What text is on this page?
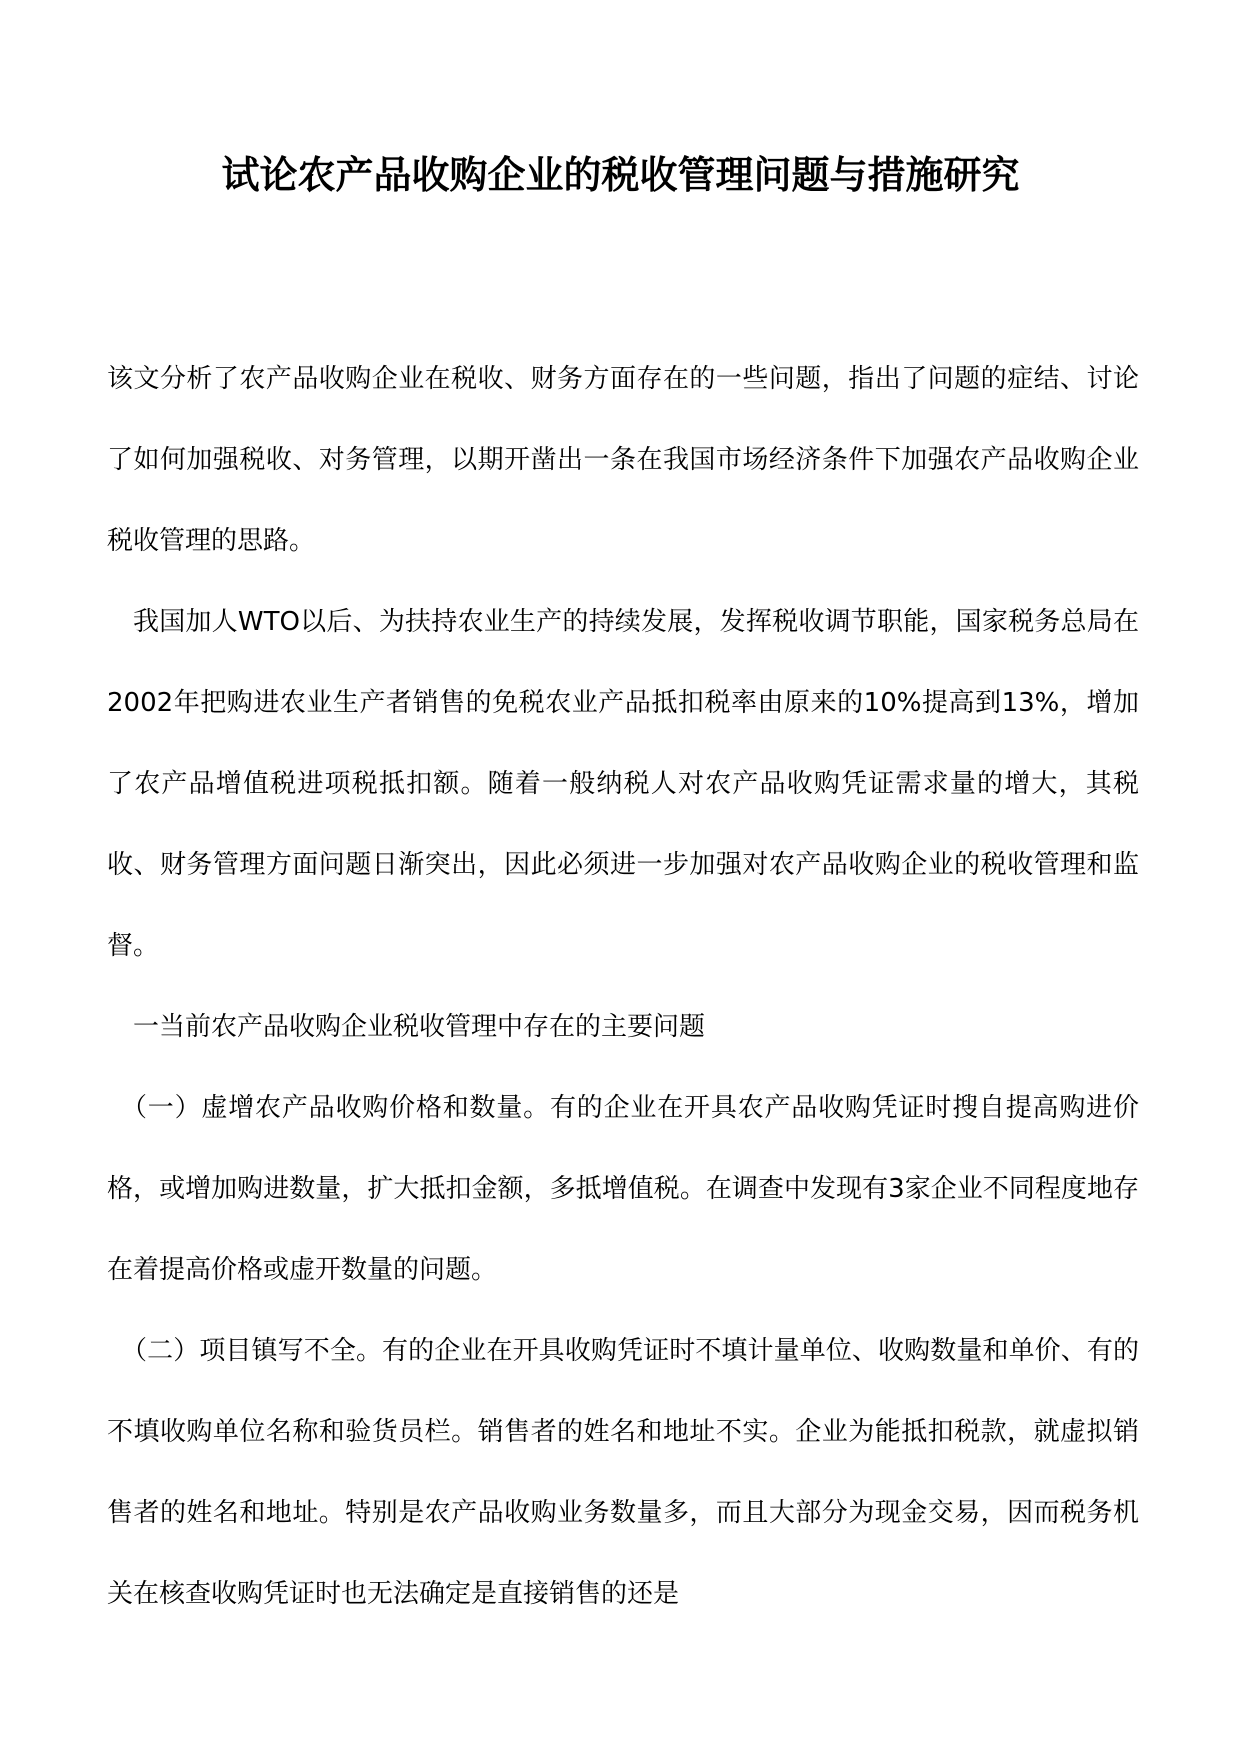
试论农产品收购企业的税收管理问题与措施研究

该文分析了农产品收购企业在税收、财务方面存在的一些问题，指出了问题的症结、讨论了如何加强税收、对务管理，以期开凿出一条在我国市场经济条件下加强农产品收购企业税收管理的思路。

我国加人WTO以后、为扶持农业生产的持续发展，发挥税收调节职能，国家税务总局在2002年把购进农业生产者销售的免税农业产品抵扣税率由原来的10%提高到13%，增加了农产品增值税进项税抵扣额。随着一般纳税人对农产品收购凭证需求量的增大，其税收、财务管理方面问题日渐突出，因此必须进一步加强对农产品收购企业的税收管理和监督。

一当前农产品收购企业税收管理中存在的主要问题

（一）虚增农产品收购价格和数量。有的企业在开具农产品收购凭证时搜自提高购进价格，或增加购进数量，扩大抵扣金额，多抵增值税。在调查中发现有3家企业不同程度地存在着提高价格或虚开数量的问题。

（二）项目镇写不全。有的企业在开具收购凭证时不填计量单位、收购数量和单价、有的不填收购单位名称和验货员栏。销售者的姓名和地址不实。企业为能抵扣税款，就虚拟销售者的姓名和地址。特别是农产品收购业务数量多，而且大部分为现金交易，因而税务机关在核查收购凭证时也无法确定是直接销售的还是
